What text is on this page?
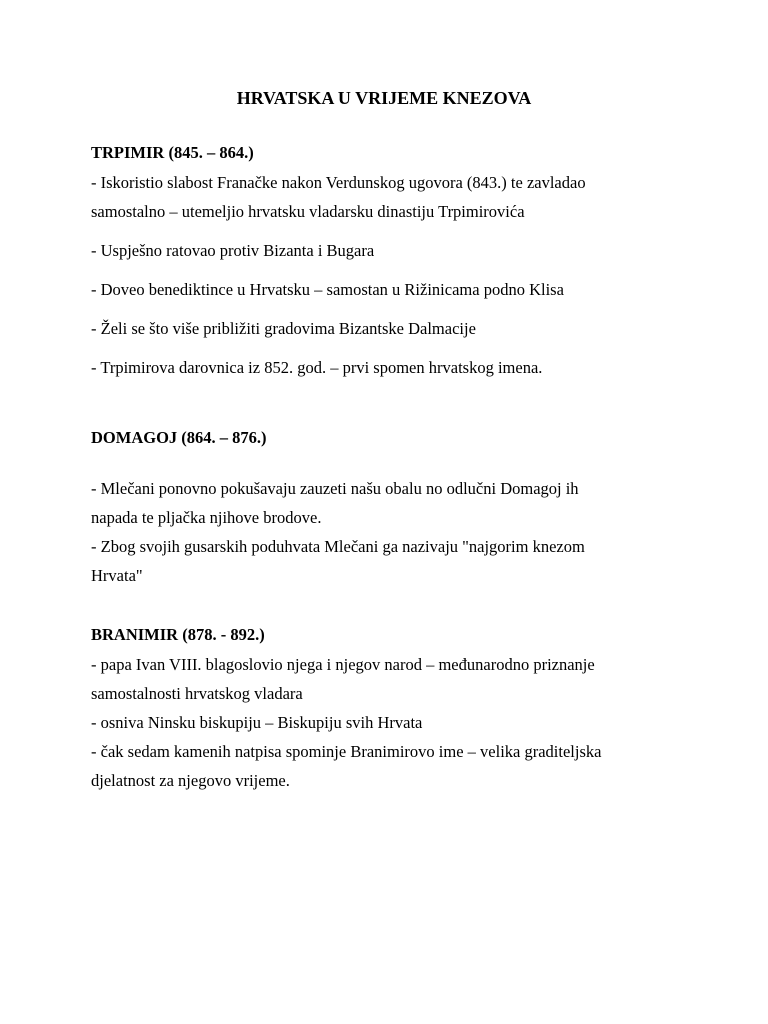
HRVATSKA U VRIJEME KNEZOVA
TRPIMIR (845. – 864.)
- Iskoristio slabost Franačke nakon Verdunskog ugovora (843.) te zavladao
samostalno – utemeljio hrvatsku vladarsku dinastiju Trpimirovića
- Uspješno ratovao protiv Bizanta i Bugara
- Doveo benediktince u Hrvatsku – samostan u Rižinicama podno Klisa
- Želi se što više približiti gradovima Bizantske Dalmacije
- Trpimirova darovnica iz 852. god. – prvi spomen hrvatskog imena.
DOMAGOJ (864. – 876.)
- Mlečani ponovno pokušavaju zauzeti našu obalu no odlučni Domagoj ih
napada te pljačka njihove brodove.
- Zbog svojih gusarskih poduhvata Mlečani ga nazivaju "najgorim knezom
Hrvata"
BRANIMIR (878. - 892.)
- papa Ivan VIII. blagoslovio njega i njegov narod – međunarodno priznanje
samostalnosti hrvatskog vladara
- osniva Ninsku biskupiju – Biskupiju svih Hrvata
- čak sedam kamenih natpisa spominje Branimirovo ime – velika graditeljska
djelatnost za njegovo vrijeme.
